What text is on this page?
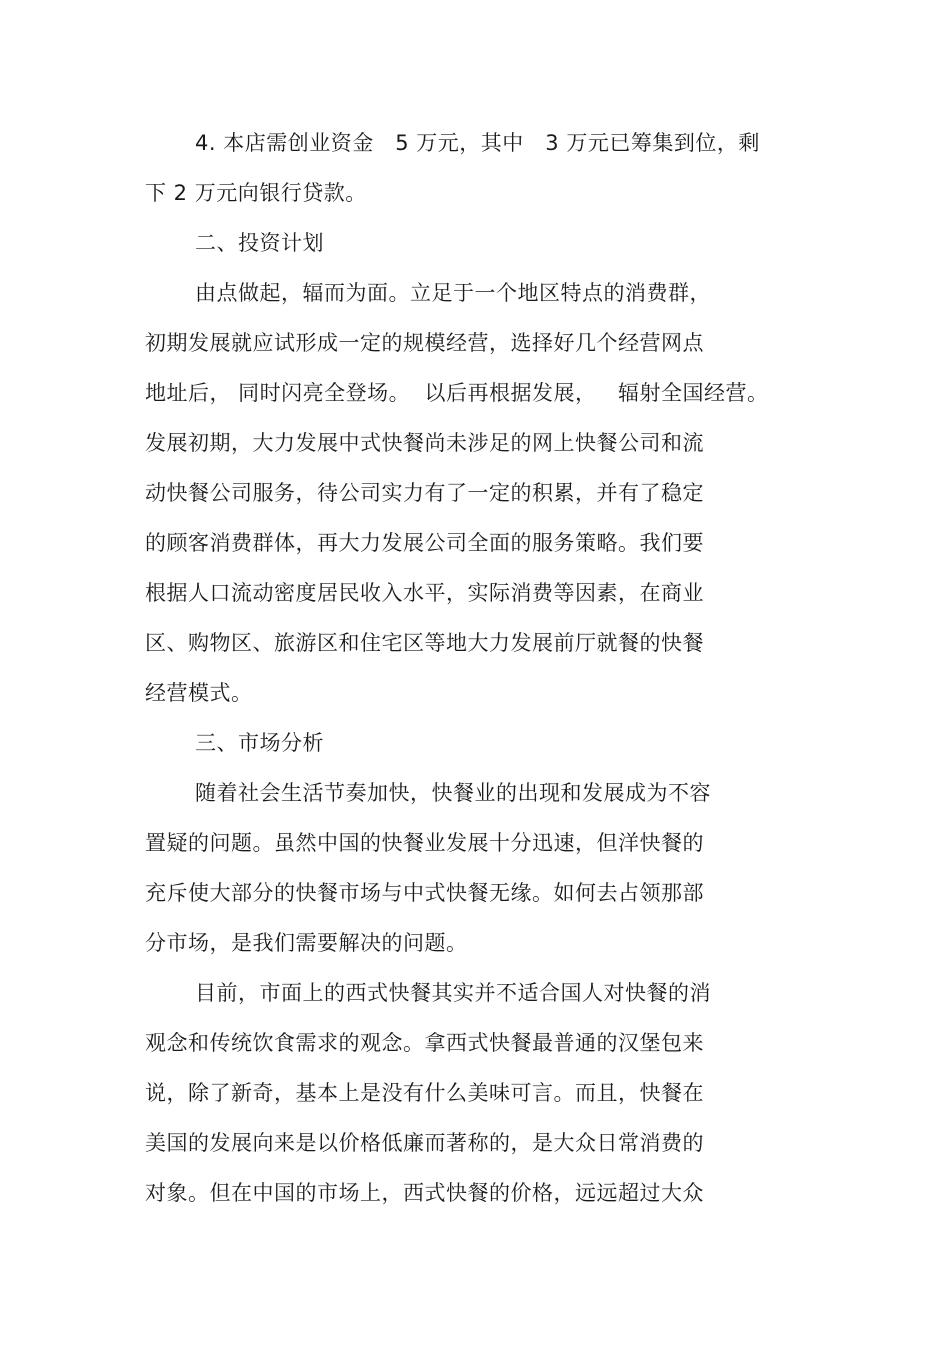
4. 本店需创业资金   5 万元，其中   3 万元已筹集到位，剩
下 2 万元向银行贷款。
二、投资计划
由点做起，辐而为面。立足于一个地区特点的消费群，
初期发展就应试形成一定的规模经营，选择好几个经营网点
地址后， 同时闪亮全登场。  以后再根据发展，   辐射全国经营。
发展初期，大力发展中式快餐尚未涉足的网上快餐公司和流
动快餐公司服务，待公司实力有了一定的积累，并有了稳定
的顾客消费群体，再大力发展公司全面的服务策略。我们要
根据人口流动密度居民收入水平，实际消费等因素，在商业
区、购物区、旅游区和住宅区等地大力发展前厅就餐的快餐
经营模式。
三、市场分析
随着社会生活节奏加快，快餐业的出现和发展成为不容
置疑的问题。虽然中国的快餐业发展十分迅速，但洋快餐的
充斥使大部分的快餐市场与中式快餐无缘。如何去占领那部
分市场，是我们需要解决的问题。
目前，市面上的西式快餐其实并不适合国人对快餐的消
观念和传统饮食需求的观念。拿西式快餐最普通的汉堡包来
说，除了新奇，基本上是没有什么美味可言。而且，快餐在
美国的发展向来是以价格低廉而著称的，是大众日常消费的
对象。但在中国的市场上，西式快餐的价格，远远超过大众
